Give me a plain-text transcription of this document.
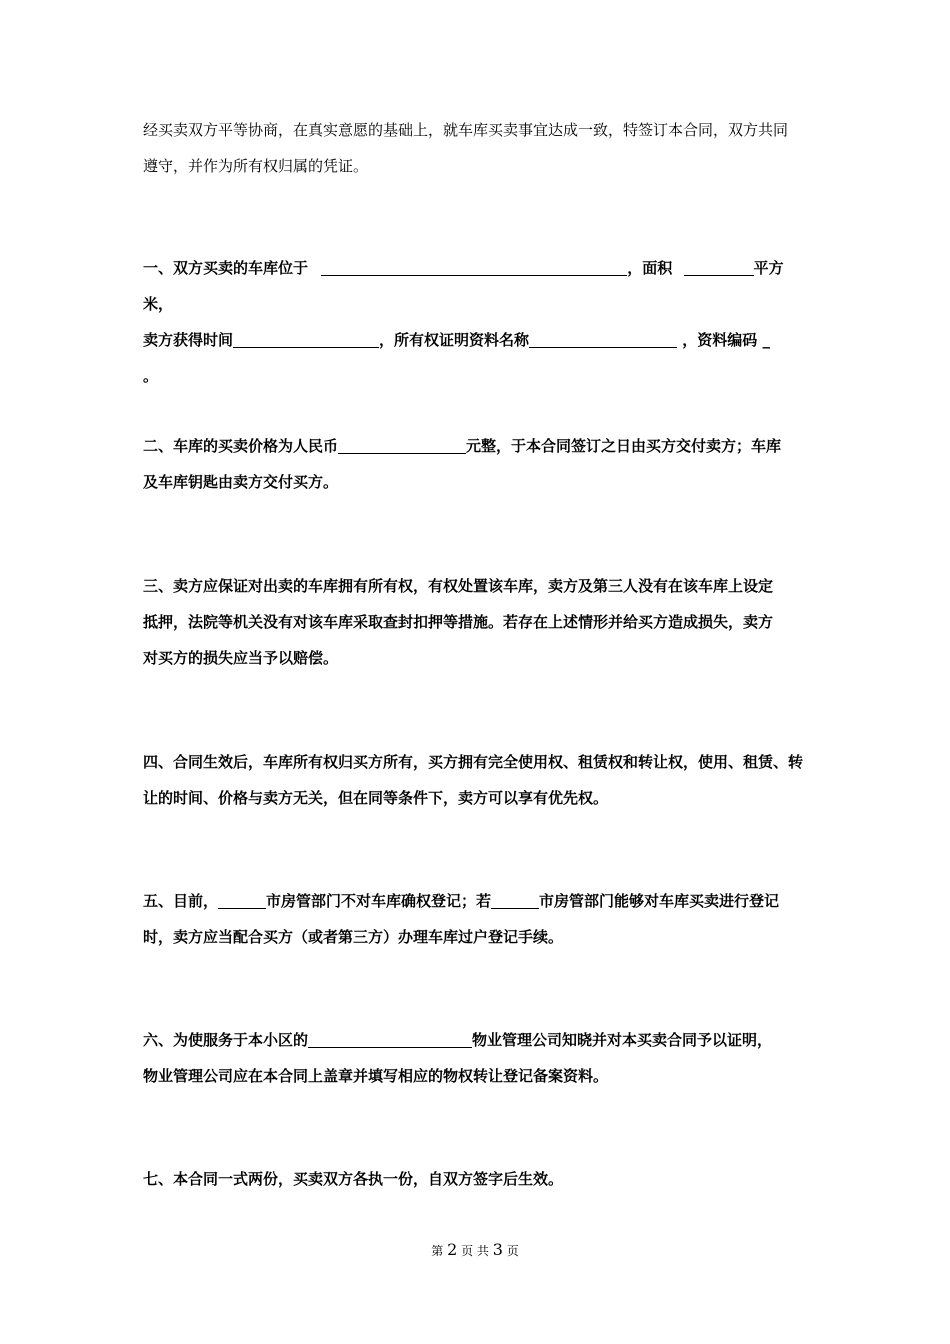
经买卖双方平等协商，在真实意愿的基础上，就车库买卖事宜达成一致，特签订本合同，双方共同
遵守，并作为所有权归属的凭证。
一、双方买卖的车库位于	，面积	平方米，
卖方获得时间	，所有权证明资料名称	，资料编码 _
。
二、车库的买卖价格为人民币	元整，于本合同签订之日由买方交付卖方；车库
及车库钥匙由卖方交付买方。
三、卖方应保证对出卖的车库拥有所有权，有权处置该车库，卖方及第三人没有在该车库上设定
抵押，法院等机关没有对该车库采取查封扣押等措施。若存在上述情形并给买方造成损失，卖方
对买方的损失应当予以赔偿。
四、合同生效后，车库所有权归买方所有，买方拥有完全使用权、租赁权和转让权，使用、租赁、转
让的时间、价格与卖方无关，但在同等条件下，卖方可以享有优先权。
五、目前，	市房管部门不对车库确权登记；若	市房管部门能够对车库买卖进行登记
时，卖方应当配合买方（或者第三方）办理车库过户登记手续。
六、为使服务于本小区的	物业管理公司知晓并对本买卖合同予以证明，
物业管理公司应在本合同上盖章并填写相应的物权转让登记备案资料。
七、本合同一式两份，买卖双方各执一份，自双方签字后生效。
第 2 页 共 3 页
